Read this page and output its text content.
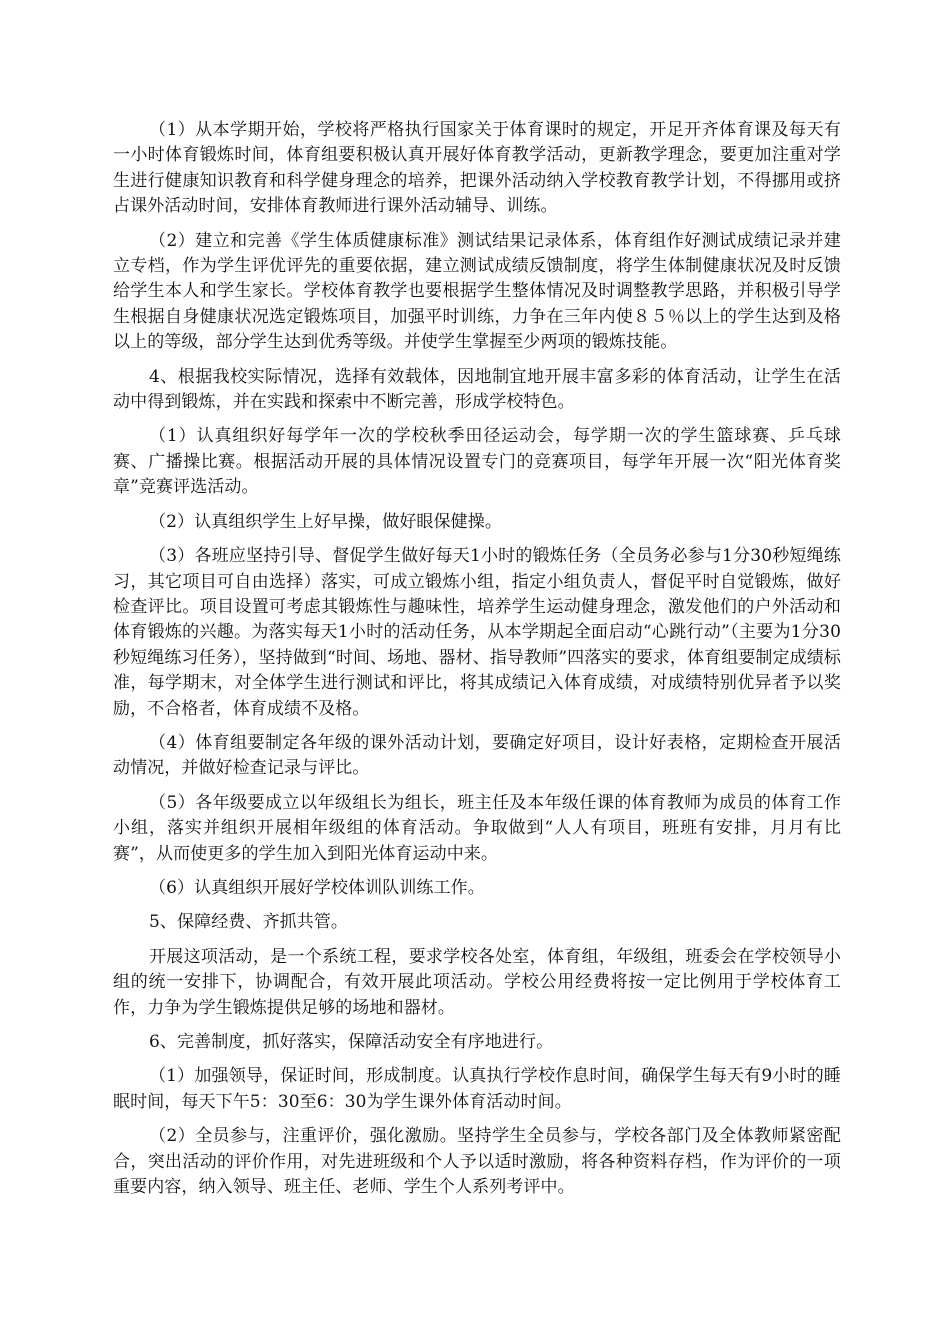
（1）从本学期开始，学校将严格执行国家关于体育课时的规定，开足开齐体育课及每天有一小时体育锻炼时间，体育组要积极认真开展好体育教学活动，更新教学理念，要更加注重对学生进行健康知识教育和科学健身理念的培养，把课外活动纳入学校教育教学计划，不得挪用或挤占课外活动时间，安排体育教师进行课外活动辅导、训练。

（2）建立和完善《学生体质健康标准》测试结果记录体系，体育组作好测试成绩记录并建立专档，作为学生评优评先的重要依据，建立测试成绩反馈制度，将学生体制健康状况及时反馈给学生本人和学生家长。学校体育教学也要根据学生整体情况及时调整教学思路，并积极引导学生根据自身健康状况选定锻炼项目，加强平时训练，力争在三年内使８５％以上的学生达到及格以上的等级，部分学生达到优秀等级。并使学生掌握至少两项的锻炼技能。

4、根据我校实际情况，选择有效载体，因地制宜地开展丰富多彩的体育活动，让学生在活动中得到锻炼，并在实践和探索中不断完善，形成学校特色。

（1）认真组织好每学年一次的学校秋季田径运动会，每学期一次的学生篮球赛、乒乓球赛、广播操比赛。根据活动开展的具体情况设置专门的竞赛项目，每学年开展一次“阳光体育奖章”竞赛评选活动。

（2）认真组织学生上好早操，做好眼保健操。

（3）各班应坚持引导、督促学生做好每天1小时的锻炼任务（全员务必参与1分30秒短绳练习，其它项目可自由选择）落实，可成立锻炼小组，指定小组负责人，督促平时自觉锻炼，做好检查评比。项目设置可考虑其锻炼性与趣味性，培养学生运动健身理念，激发他们的户外活动和体育锻炼的兴趣。为落实每天1小时的活动任务，从本学期起全面启动“心跳行动”（主要为1分30秒短绳练习任务），坚持做到“时间、场地、器材、指导教师”四落实的要求，体育组要制定成绩标准，每学期末，对全体学生进行测试和评比，将其成绩记入体育成绩，对成绩特别优异者予以奖励，不合格者，体育成绩不及格。

（4）体育组要制定各年级的课外活动计划，要确定好项目，设计好表格，定期检查开展活动情况，并做好检查记录与评比。

（5）各年级要成立以年级组长为组长，班主任及本年级任课的体育教师为成员的体育工作小组，落实并组织开展相年级组的体育活动。争取做到“人人有项目，班班有安排，月月有比赛”，从而使更多的学生加入到阳光体育运动中来。

（6）认真组织开展好学校体训队训练工作。

5、保障经费、齐抓共管。

开展这项活动，是一个系统工程，要求学校各处室，体育组，年级组，班委会在学校领导小组的统一安排下，协调配合，有效开展此项活动。学校公用经费将按一定比例用于学校体育工作，力争为学生锻炼提供足够的场地和器材。

6、完善制度，抓好落实，保障活动安全有序地进行。

（1）加强领导，保证时间，形成制度。认真执行学校作息时间，确保学生每天有9小时的睡眠时间，每天下午5：30至6：30为学生课外体育活动时间。

（2）全员参与，注重评价，强化激励。坚持学生全员参与，学校各部门及全体教师紧密配合，突出活动的评价作用，对先进班级和个人予以适时激励，将各种资料存档，作为评价的一项重要内容，纳入领导、班主任、老师、学生个人系列考评中。
